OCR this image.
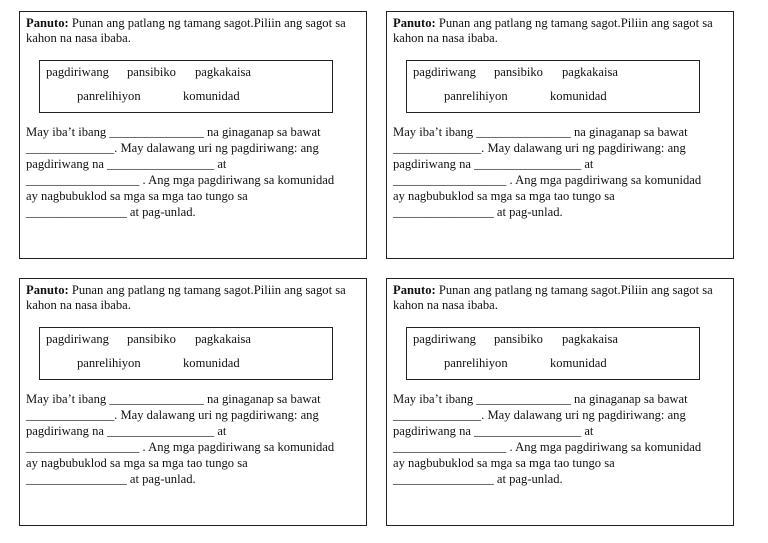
Panuto: Punan ang patlang ng tamang sagot.Piliin ang sagot sa kahon na nasa ibaba.
pagdiriwang pansibiko pagkakaisa
panrelihiyon	komunidad
May iba’t ibang _______________ na ginaganap sa bawat
______________. May dalawang uri ng pagdiriwang: ang
pagdiriwang na _________________ at
__________________ . Ang mga pagdiriwang sa komunidad
ay nagbubuklod sa mga sa mga tao tungo sa
________________ at pag-unlad.
Panuto: Punan ang patlang ng tamang sagot.Piliin ang sagot sa kahon na nasa ibaba.
pagdiriwang pansibiko pagkakaisa
panrelihiyon	komunidad
May iba’t ibang _______________ na ginaganap sa bawat
______________. May dalawang uri ng pagdiriwang: ang
pagdiriwang na _________________ at
__________________ . Ang mga pagdiriwang sa komunidad
ay nagbubuklod sa mga sa mga tao tungo sa
________________ at pag-unlad.
Panuto: Punan ang patlang ng tamang sagot.Piliin ang sagot sa kahon na nasa ibaba.
pagdiriwang pansibiko pagkakaisa
panrelihiyon	komunidad
May iba’t ibang _______________ na ginaganap sa bawat
______________. May dalawang uri ng pagdiriwang: ang
pagdiriwang na _________________ at
__________________ . Ang mga pagdiriwang sa komunidad
ay nagbubuklod sa mga sa mga tao tungo sa
________________ at pag-unlad.
Panuto: Punan ang patlang ng tamang sagot.Piliin ang sagot sa kahon na nasa ibaba.
pagdiriwang pansibiko pagkakaisa
panrelihiyon	komunidad
May iba’t ibang _______________ na ginaganap sa bawat
______________. May dalawang uri ng pagdiriwang: ang
pagdiriwang na _________________ at
__________________ . Ang mga pagdiriwang sa komunidad
ay nagbubuklod sa mga sa mga tao tungo sa
________________ at pag-unlad.
